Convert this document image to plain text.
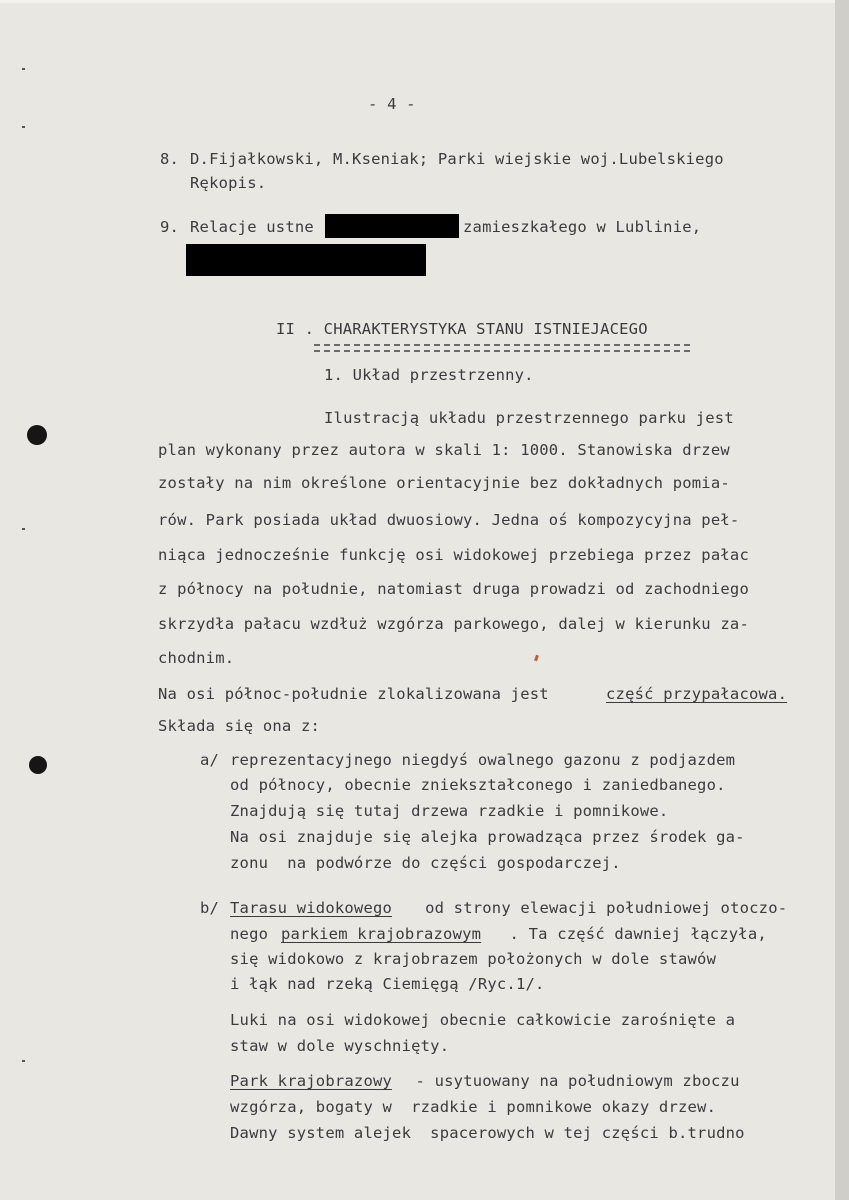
- 4 -
8. D.Fijałkowski, M.Kseniak; Parki wiejskie woj.Lubelskiego
Rękopis.
9. Relacje ustne	zamieszkałego w Lublinie,
II . CHARAKTERYSTYKA STANU ISTNIEJACEGO
1. Układ przestrzenny.
Ilustracją układu przestrzennego parku jest
plan wykonany przez autora w skali 1: 1000. Stanowiska drzew
zostały na nim określone orientacyjnie bez dokładnych pomia-
rów. Park posiada układ dwuosiowy. Jedna oś kompozycyjna peł-
niąca jednocześnie funkcję osi widokowej przebiega przez pałac
z północy na południe, natomiast druga prowadzi od zachodniego
skrzydła pałacu wzdłuż wzgórza parkowego, dalej w kierunku za-
chodnim.
Na osi północ-południe zlokalizowana jest	część przypałacowa.
Składa się ona z:
a/ reprezentacyjnego niegdyś owalnego gazonu z podjazdem
od północy, obecnie zniekształconego i zaniedbanego.
Znajdują się tutaj drzewa rzadkie i pomnikowe.
Na osi znajduje się alejka prowadząca przez środek ga-
zonu  na podwórze do części gospodarczej.
b/ Tarasu widokowego od strony elewacji południowej otoczo-
nego parkiem krajobrazowym . Ta część dawniej łączyła,
się widokowo z krajobrazem położonych w dole stawów
i łąk nad rzeką Ciemięgą /Ryc.1/.
Luki na osi widokowej obecnie całkowicie zarośnięte a
staw w dole wyschnięty.
Park krajobrazowy - usytuowany na południowym zboczu
wzgórza, bogaty w  rzadkie i pomnikowe okazy drzew.
Dawny system alejek  spacerowych w tej części b.trudno
